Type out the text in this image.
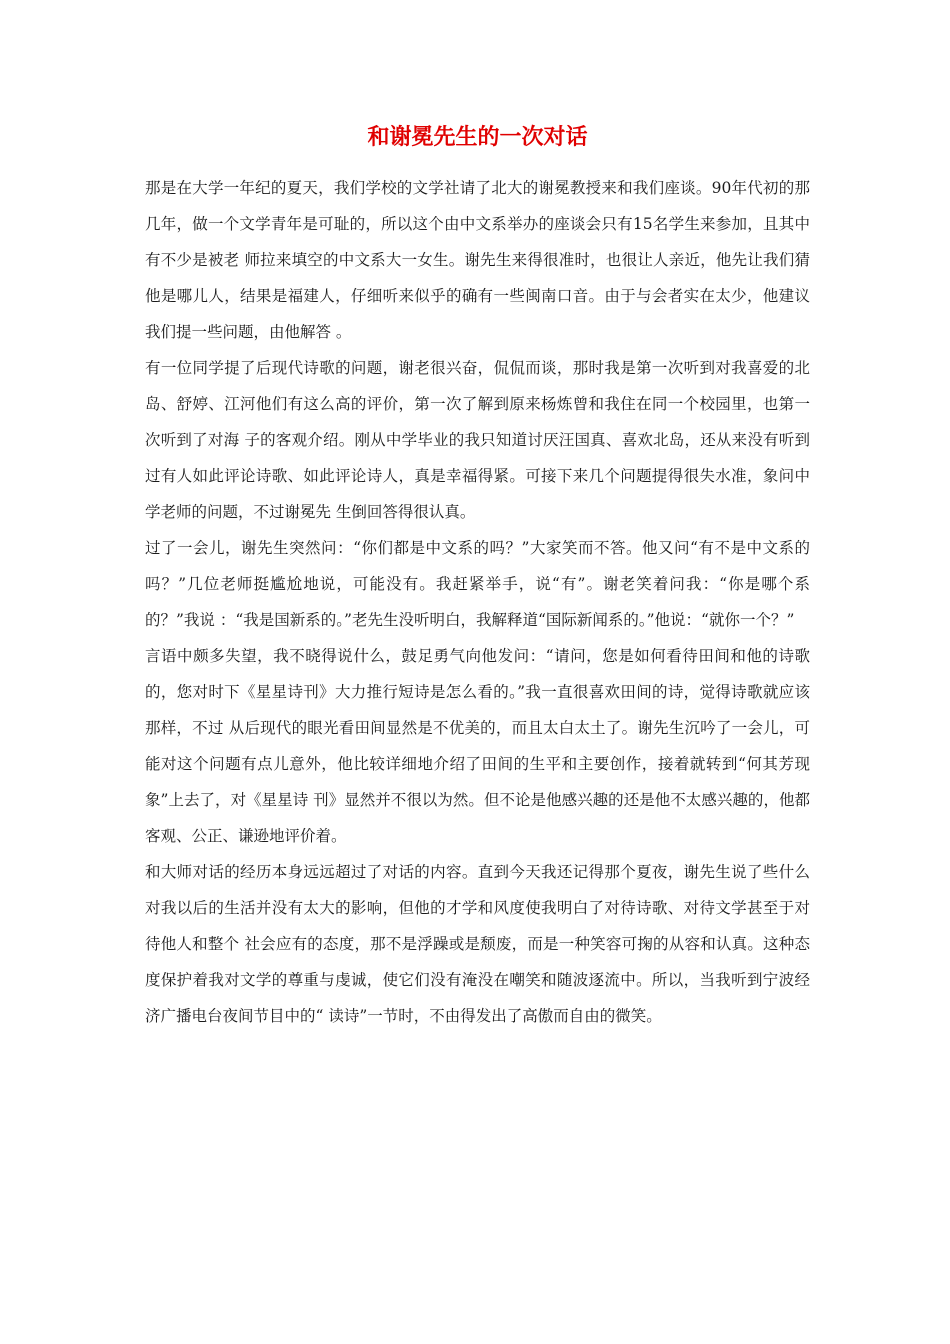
和谢冕先生的一次对话

那是在大学一年纪的夏天，我们学校的文学社请了北大的谢冕教授来和我们座谈。90年代初的那几年，做一个文学青年是可耻的，所以这个由中文系举办的座谈会只有15名学生来参加，且其中有不少是被老 师拉来填空的中文系大一女生。谢先生来得很准时，也很让人亲近，他先让我们猜他是哪儿人，结果是福建人，仔细听来似乎的确有一些闽南口音。由于与会者实在太少，他建议我们提一些问题，由他解答 。

有一位同学提了后现代诗歌的问题，谢老很兴奋，侃侃而谈，那时我是第一次听到对我喜爱的北岛、舒婷、江河他们有这么高的评价，第一次了解到原来杨炼曾和我住在同一个校园里，也第一次听到了对海 子的客观介绍。刚从中学毕业的我只知道讨厌汪国真、喜欢北岛，还从来没有听到过有人如此评论诗歌、如此评论诗人，真是幸福得紧。可接下来几个问题提得很失水准，象问中学老师的问题，不过谢冕先 生倒回答得很认真。

过了一会儿，谢先生突然问：“你们都是中文系的吗？”大家笑而不答。他又问“有不是中文系的吗？”几位老师挺尴尬地说，可能没有。我赶紧举手，说“有”。谢老笑着问我：“你是哪个系的？”我说 ：“我是国新系的。”老先生没听明白，我解释道“国际新闻系的。”他说：“就你一个？”

言语中颇多失望，我不晓得说什么，鼓足勇气向他发问：“请问，您是如何看待田间和他的诗歌的，您对时下《星星诗刊》大力推行短诗是怎么看的。”我一直很喜欢田间的诗，觉得诗歌就应该那样，不过 从后现代的眼光看田间显然是不优美的，而且太白太土了。谢先生沉吟了一会儿，可能对这个问题有点儿意外，他比较详细地介绍了田间的生平和主要创作，接着就转到“何其芳现象”上去了，对《星星诗 刊》显然并不很以为然。但不论是他感兴趣的还是他不太感兴趣的，他都客观、公正、谦逊地评价着。

和大师对话的经历本身远远超过了对话的内容。直到今天我还记得那个夏夜，谢先生说了些什么对我以后的生活并没有太大的影响，但他的才学和风度使我明白了对待诗歌、对待文学甚至于对待他人和整个 社会应有的态度，那不是浮躁或是颓废，而是一种笑容可掬的从容和认真。这种态度保护着我对文学的尊重与虔诚，使它们没有淹没在嘲笑和随波逐流中。所以，当我听到宁波经济广播电台夜间节目中的“ 读诗”一节时，不由得发出了高傲而自由的微笑。
